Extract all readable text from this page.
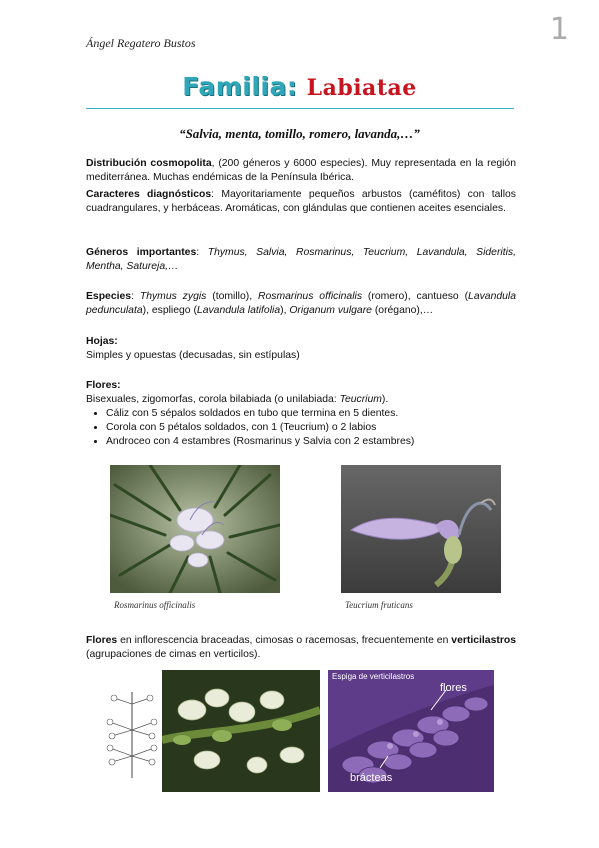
Ángel Regatero Bustos	1
Familia: Labiatae
“Salvia, menta, tomillo, romero, lavanda,…”
Distribución cosmopolita, (200 géneros y 6000 especies). Muy representada en la región mediterránea. Muchas endémicas de la Península Ibérica.
Caracteres diagnósticos: Mayoritariamente pequeños arbustos (caméfitos) con tallos cuadrangulares, y herbáceas. Aromáticas, con glándulas que contienen aceites esenciales.
Géneros importantes: Thymus, Salvia, Rosmarinus, Teucrium, Lavandula, Sideritis, Mentha, Satureja,…
Especies: Thymus zygis (tomillo), Rosmarinus officinalis (romero), cantueso (Lavandula pedunculata), espliego (Lavandula latifolia), Origanum vulgare (orégano),…
Hojas:
Simples y opuestas (decusadas, sin estípulas)
Flores:
Bisexuales, zigomorfas, corola bilabiada (o unilabiada: Teucrium).
• Cáliz con 5 sépalos soldados en tubo que termina en 5 dientes.
• Corola con 5 pétalos soldados, con 1 (Teucrium) o 2 labios
• Androceo con 4 estambres (Rosmarinus y Salvia con 2 estambres)
Rosmarinus officinalis	Teucrium fruticans
Flores en inflorescencia braceadas, cimosas o racemosas, frecuentemente en verticilastros (agrupaciones de cimas en verticilos).
Espiga de verticilastros
flores
brácteas
